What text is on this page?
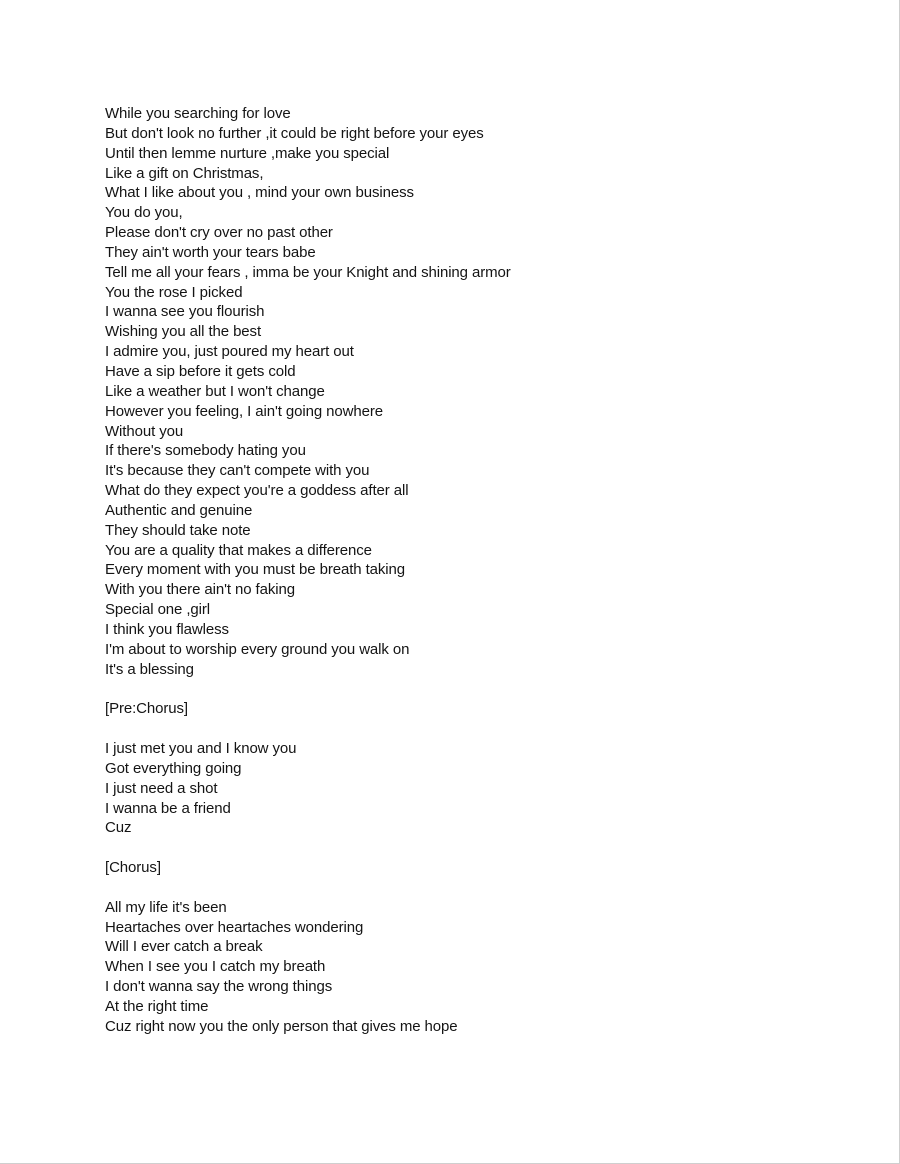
While you searching for love
But don't look no further ,it could be right before your eyes
Until then lemme nurture ,make you special
Like a gift on Christmas,
What I like about you , mind your own business
You do you,
Please don't cry over no past other
They ain't worth your tears babe
Tell me all your fears , imma be your Knight and shining armor
You the rose I picked
I wanna see you flourish
Wishing you all the best
I admire you, just poured my heart out
Have a sip before it gets cold
Like a weather but I won't change
However you feeling, I ain't going nowhere
Without you
If there's somebody hating you
It's because they can't compete with you
What do they expect you're a goddess after all
Authentic and genuine
They should take note
You are a quality that makes a difference
Every moment with you must be breath taking
With you there ain't no faking
Special one ,girl
I think you flawless
I'm about to worship every ground you walk on
It's a blessing
[Pre:Chorus]
I just met you and I know you
Got everything going
I just need a shot
I wanna be a friend
Cuz
[Chorus]
All my life it's been
Heartaches over heartaches wondering
Will I ever catch a break
When I see you I catch my breath
I don't wanna say the wrong things
At the right time
Cuz right now you the only person that gives me hope
